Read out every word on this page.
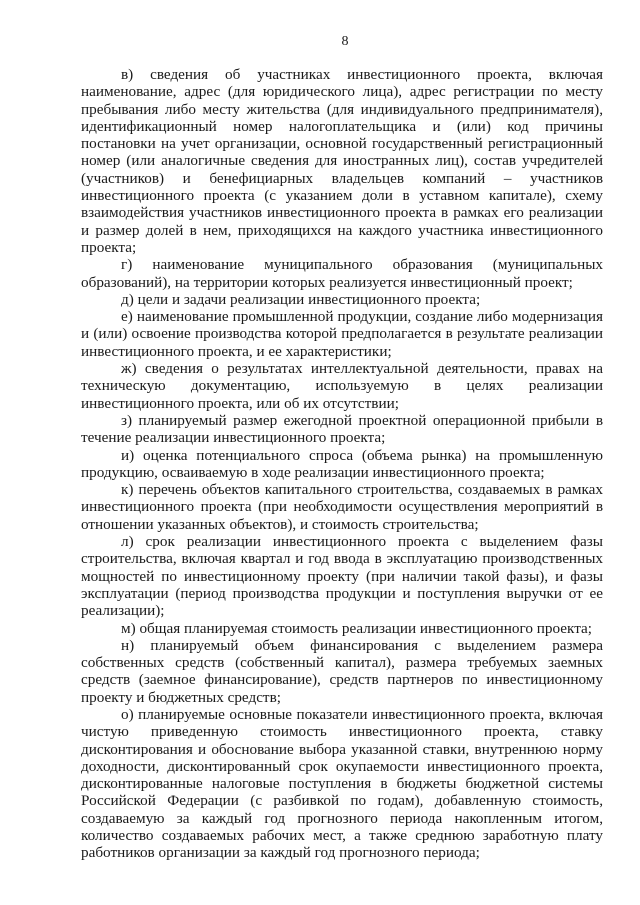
8

в) сведения об участниках инвестиционного проекта, включая наименование, адрес (для юридического лица), адрес регистрации по месту пребывания либо месту жительства (для индивидуального предпринимателя), идентификационный номер налогоплательщика и (или) код причины постановки на учет организации, основной государственный регистрационный номер (или аналогичные сведения для иностранных лиц), состав учредителей (участников) и бенефициарных владельцев компаний – участников инвестиционного проекта (с указанием доли в уставном капитале), схему взаимодействия участников инвестиционного проекта в рамках его реализации и размер долей в нем, приходящихся на каждого участника инвестиционного проекта;

г) наименование муниципального образования (муниципальных образований), на территории которых реализуется инвестиционный проект;

д) цели и задачи реализации инвестиционного проекта;

е) наименование промышленной продукции, создание либо модернизация и (или) освоение производства которой предполагается в результате реализации инвестиционного проекта, и ее характеристики;

ж) сведения о результатах интеллектуальной деятельности, правах на техническую документацию, используемую в целях реализации инвестиционного проекта, или об их отсутствии;

з) планируемый размер ежегодной проектной операционной прибыли в течение реализации инвестиционного проекта;

и) оценка потенциального спроса (объема рынка) на промышленную продукцию, осваиваемую в ходе реализации инвестиционного проекта;

к) перечень объектов капитального строительства, создаваемых в рамках инвестиционного проекта (при необходимости осуществления мероприятий в отношении указанных объектов), и стоимость строительства;

л) срок реализации инвестиционного проекта с выделением фазы строительства, включая квартал и год ввода в эксплуатацию производственных мощностей по инвестиционному проекту (при наличии такой фазы), и фазы эксплуатации (период производства продукции и поступления выручки от ее реализации);

м) общая планируемая стоимость реализации инвестиционного проекта;

н) планируемый объем финансирования с выделением размера собственных средств (собственный капитал), размера требуемых заемных средств (заемное финансирование), средств партнеров по инвестиционному проекту и бюджетных средств;

о) планируемые основные показатели инвестиционного проекта, включая чистую приведенную стоимость инвестиционного проекта, ставку дисконтирования и обоснование выбора указанной ставки, внутреннюю норму доходности, дисконтированный срок окупаемости инвестиционного проекта, дисконтированные налоговые поступления в бюджеты бюджетной системы Российской Федерации (с разбивкой по годам), добавленную стоимость, создаваемую за каждый год прогнозного периода накопленным итогом, количество создаваемых рабочих мест, а также среднюю заработную плату работников организации за каждый год прогнозного периода;
